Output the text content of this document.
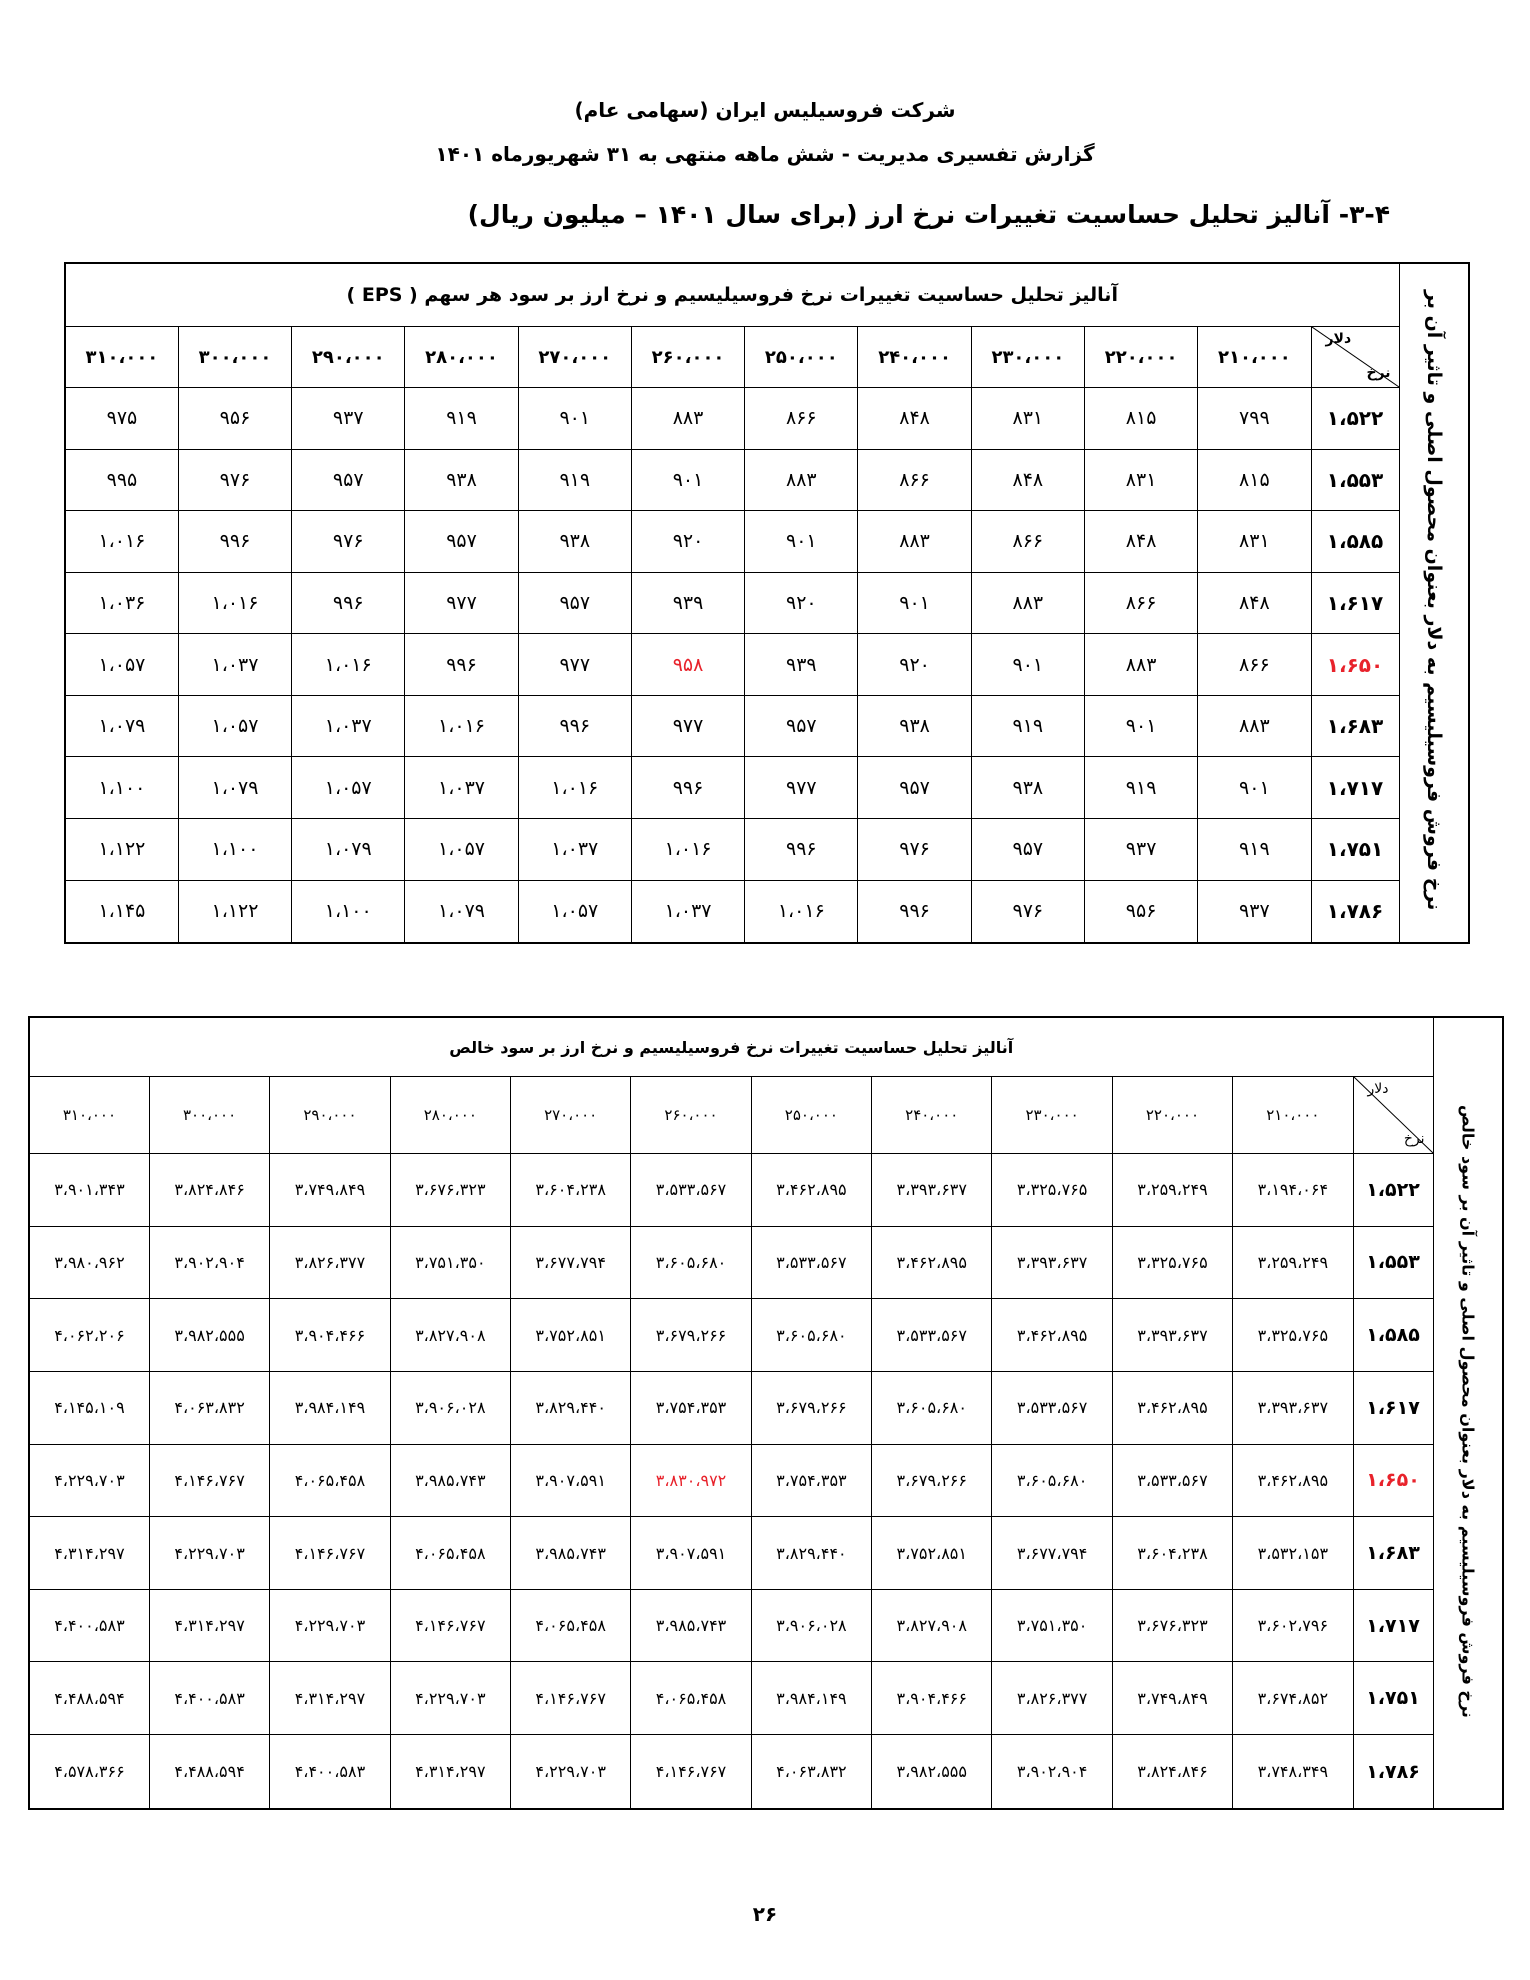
شرکت فروسیلیس ایران (سهامی عام)
گزارش تفسیری مدیریت - شش ماهه منتهی به ۳۱ شهریورماه ۱۴۰۱
۳-۴- آنالیز تحلیل حساسیت تغییرات نرخ ارز (برای سال ۱۴۰۱ – میلیون ریال)
نرخ فروش فروسیلیسیم به دلار بعنوان محصول اصلی و تاثیر آن بر	آنالیز تحلیل حساسیت تغییرات نرخ فروسیلیسیم و نرخ ارز بر سود هر سهم ( EPS )											

	دلار
نرخ	۲۱۰،۰۰۰	۲۲۰،۰۰۰	۲۳۰،۰۰۰	۲۴۰،۰۰۰	۲۵۰،۰۰۰	۲۶۰،۰۰۰	۲۷۰،۰۰۰	۲۸۰،۰۰۰	۲۹۰،۰۰۰	۳۰۰،۰۰۰	۳۱۰،۰۰۰
	۱،۵۲۲	۷۹۹	۸۱۵	۸۳۱	۸۴۸	۸۶۶	۸۸۳	۹۰۱	۹۱۹	۹۳۷	۹۵۶	۹۷۵
	۱،۵۵۳	۸۱۵	۸۳۱	۸۴۸	۸۶۶	۸۸۳	۹۰۱	۹۱۹	۹۳۸	۹۵۷	۹۷۶	۹۹۵
	۱،۵۸۵	۸۳۱	۸۴۸	۸۶۶	۸۸۳	۹۰۱	۹۲۰	۹۳۸	۹۵۷	۹۷۶	۹۹۶	۱،۰۱۶
	۱،۶۱۷	۸۴۸	۸۶۶	۸۸۳	۹۰۱	۹۲۰	۹۳۹	۹۵۷	۹۷۷	۹۹۶	۱،۰۱۶	۱،۰۳۶
	۱،۶۵۰	۸۶۶	۸۸۳	۹۰۱	۹۲۰	۹۳۹	۹۵۸	۹۷۷	۹۹۶	۱،۰۱۶	۱،۰۳۷	۱،۰۵۷
	۱،۶۸۳	۸۸۳	۹۰۱	۹۱۹	۹۳۸	۹۵۷	۹۷۷	۹۹۶	۱،۰۱۶	۱،۰۳۷	۱،۰۵۷	۱،۰۷۹
	۱،۷۱۷	۹۰۱	۹۱۹	۹۳۸	۹۵۷	۹۷۷	۹۹۶	۱،۰۱۶	۱،۰۳۷	۱،۰۵۷	۱،۰۷۹	۱،۱۰۰
	۱،۷۵۱	۹۱۹	۹۳۷	۹۵۷	۹۷۶	۹۹۶	۱،۰۱۶	۱،۰۳۷	۱،۰۵۷	۱،۰۷۹	۱،۱۰۰	۱،۱۲۲
	۱،۷۸۶	۹۳۷	۹۵۶	۹۷۶	۹۹۶	۱،۰۱۶	۱،۰۳۷	۱،۰۵۷	۱،۰۷۹	۱،۱۰۰	۱،۱۲۲	۱،۱۴۵
نرخ فروش فروسیلیسیم به دلار بعنوان محصول اصلی و تاثیر آن بر سود خالص	آنالیز تحلیل حساسیت تغییرات نرخ فروسیلیسیم و نرخ ارز بر سود خالص											

	دلار
نرخ	۲۱۰،۰۰۰	۲۲۰،۰۰۰	۲۳۰،۰۰۰	۲۴۰،۰۰۰	۲۵۰،۰۰۰	۲۶۰،۰۰۰	۲۷۰،۰۰۰	۲۸۰،۰۰۰	۲۹۰،۰۰۰	۳۰۰،۰۰۰	۳۱۰،۰۰۰
	۱،۵۲۲	۳،۱۹۴،۰۶۴	۳،۲۵۹،۲۴۹	۳،۳۲۵،۷۶۵	۳،۳۹۳،۶۳۷	۳،۴۶۲،۸۹۵	۳،۵۳۳،۵۶۷	۳،۶۰۴،۲۳۸	۳،۶۷۶،۳۲۳	۳،۷۴۹،۸۴۹	۳،۸۲۴،۸۴۶	۳،۹۰۱،۳۴۳
	۱،۵۵۳	۳،۲۵۹،۲۴۹	۳،۳۲۵،۷۶۵	۳،۳۹۳،۶۳۷	۳،۴۶۲،۸۹۵	۳،۵۳۳،۵۶۷	۳،۶۰۵،۶۸۰	۳،۶۷۷،۷۹۴	۳،۷۵۱،۳۵۰	۳،۸۲۶،۳۷۷	۳،۹۰۲،۹۰۴	۳،۹۸۰،۹۶۲
	۱،۵۸۵	۳،۳۲۵،۷۶۵	۳،۳۹۳،۶۳۷	۳،۴۶۲،۸۹۵	۳،۵۳۳،۵۶۷	۳،۶۰۵،۶۸۰	۳،۶۷۹،۲۶۶	۳،۷۵۲،۸۵۱	۳،۸۲۷،۹۰۸	۳،۹۰۴،۴۶۶	۳،۹۸۲،۵۵۵	۴،۰۶۲،۲۰۶
	۱،۶۱۷	۳،۳۹۳،۶۳۷	۳،۴۶۲،۸۹۵	۳،۵۳۳،۵۶۷	۳،۶۰۵،۶۸۰	۳،۶۷۹،۲۶۶	۳،۷۵۴،۳۵۳	۳،۸۲۹،۴۴۰	۳،۹۰۶،۰۲۸	۳،۹۸۴،۱۴۹	۴،۰۶۳،۸۳۲	۴،۱۴۵،۱۰۹
	۱،۶۵۰	۳،۴۶۲،۸۹۵	۳،۵۳۳،۵۶۷	۳،۶۰۵،۶۸۰	۳،۶۷۹،۲۶۶	۳،۷۵۴،۳۵۳	۳،۸۳۰،۹۷۲	۳،۹۰۷،۵۹۱	۳،۹۸۵،۷۴۳	۴،۰۶۵،۴۵۸	۴،۱۴۶،۷۶۷	۴،۲۲۹،۷۰۳
	۱،۶۸۳	۳،۵۳۲،۱۵۳	۳،۶۰۴،۲۳۸	۳،۶۷۷،۷۹۴	۳،۷۵۲،۸۵۱	۳،۸۲۹،۴۴۰	۳،۹۰۷،۵۹۱	۳،۹۸۵،۷۴۳	۴،۰۶۵،۴۵۸	۴،۱۴۶،۷۶۷	۴،۲۲۹،۷۰۳	۴،۳۱۴،۲۹۷
	۱،۷۱۷	۳،۶۰۲،۷۹۶	۳،۶۷۶،۳۲۳	۳،۷۵۱،۳۵۰	۳،۸۲۷،۹۰۸	۳،۹۰۶،۰۲۸	۳،۹۸۵،۷۴۳	۴،۰۶۵،۴۵۸	۴،۱۴۶،۷۶۷	۴،۲۲۹،۷۰۳	۴،۳۱۴،۲۹۷	۴،۴۰۰،۵۸۳
	۱،۷۵۱	۳،۶۷۴،۸۵۲	۳،۷۴۹،۸۴۹	۳،۸۲۶،۳۷۷	۳،۹۰۴،۴۶۶	۳،۹۸۴،۱۴۹	۴،۰۶۵،۴۵۸	۴،۱۴۶،۷۶۷	۴،۲۲۹،۷۰۳	۴،۳۱۴،۲۹۷	۴،۴۰۰،۵۸۳	۴،۴۸۸،۵۹۴
	۱،۷۸۶	۳،۷۴۸،۳۴۹	۳،۸۲۴،۸۴۶	۳،۹۰۲،۹۰۴	۳،۹۸۲،۵۵۵	۴،۰۶۳،۸۳۲	۴،۱۴۶،۷۶۷	۴،۲۲۹،۷۰۳	۴،۳۱۴،۲۹۷	۴،۴۰۰،۵۸۳	۴،۴۸۸،۵۹۴	۴،۵۷۸،۳۶۶
۲۶
